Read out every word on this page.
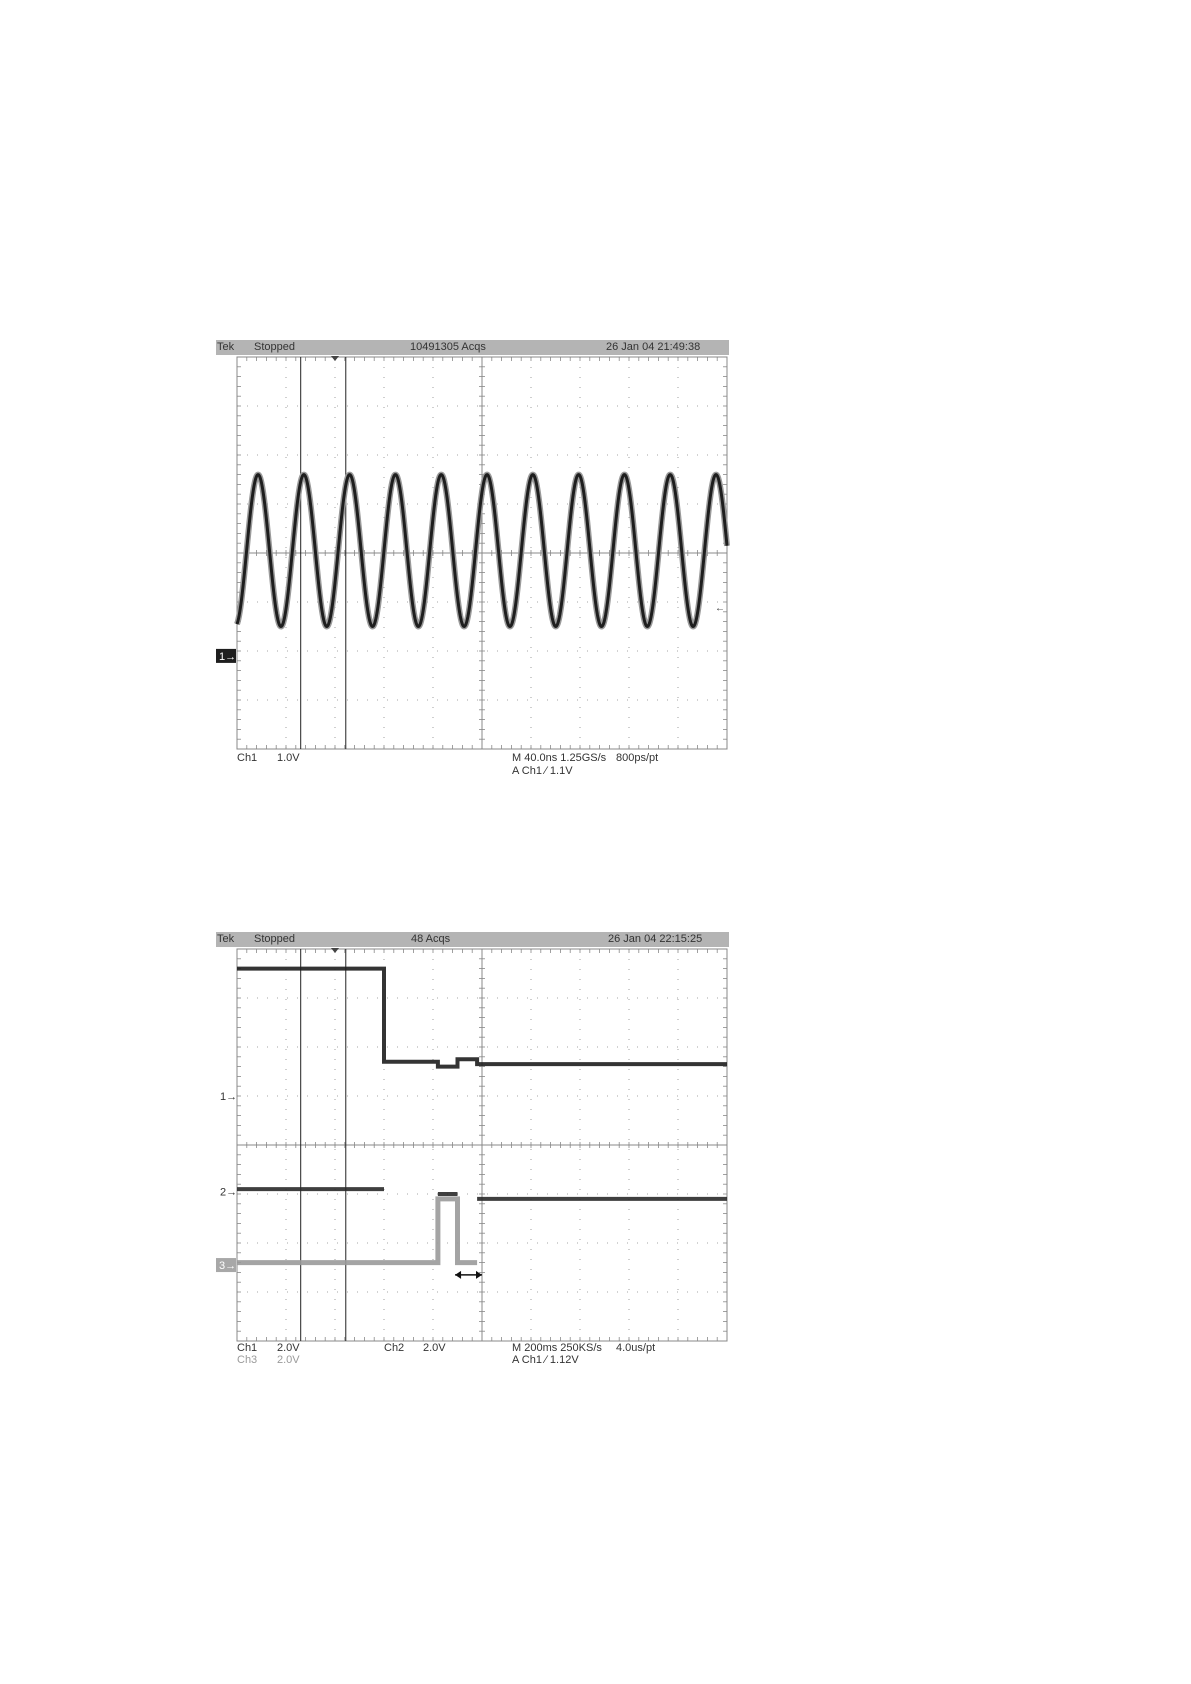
Tek Stopped	10491305 Acqs	26 Jan 04 21:49:38
1→
←
Ch1 1.0V	M 40.0ns 1.25GS/s 800ps/pt
A Ch1 ∕ 1.1V
Tek Stopped	48 Acqs	26 Jan 04 22:15:25
1→
2→
3→
Ch1 2.0V
Ch3 2.0V
Ch2 2.0V	M 200ms 250KS/s 4.0us/pt
A Ch1 ∕ 1.12V
